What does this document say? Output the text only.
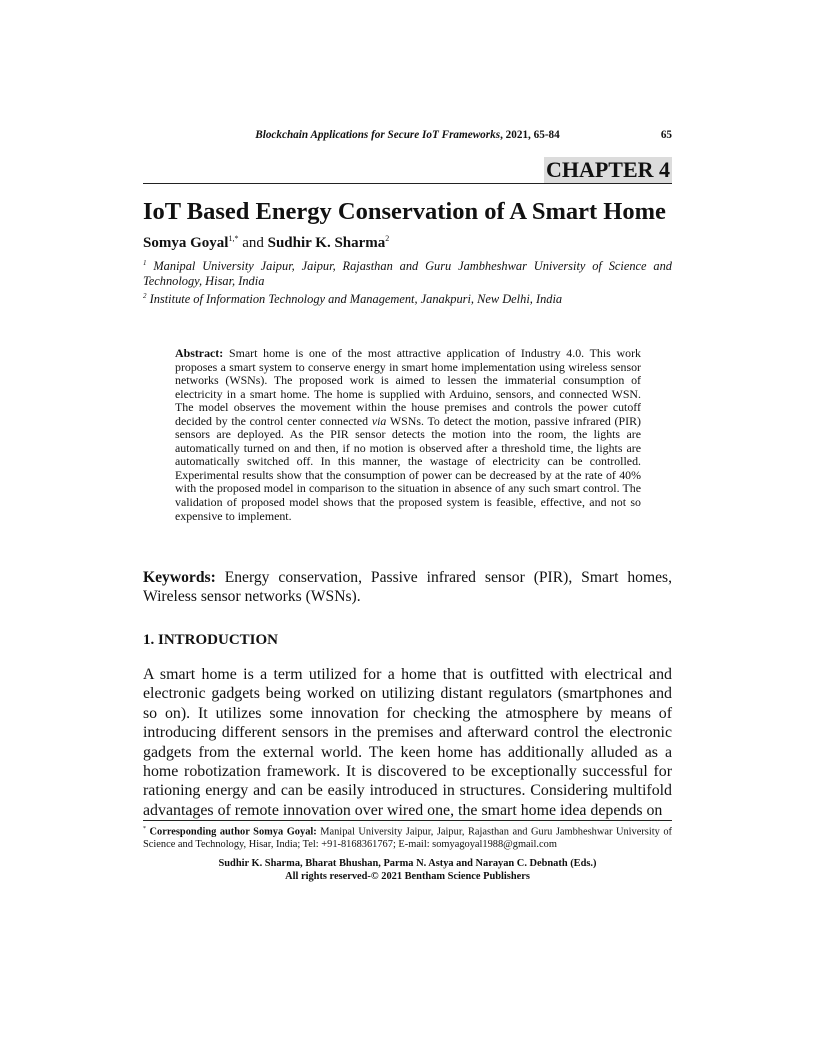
Blockchain Applications for Secure IoT Frameworks, 2021, 65-84	65
CHAPTER 4
IoT Based Energy Conservation of A Smart Home
Somya Goyal$^{1,*}$ and Sudhir K. Sharma$^2$
$^1$ Manipal University Jaipur, Jaipur, Rajasthan and Guru Jambheshwar University of Science and Technology, Hisar, India
$^2$ Institute of Information Technology and Management, Janakpuri, New Delhi, India
Abstract: Smart home is one of the most attractive application of Industry 4.0. This work proposes a smart system to conserve energy in smart home implementation using wireless sensor networks (WSNs). The proposed work is aimed to lessen the immaterial consumption of electricity in a smart home. The home is supplied with Arduino, sensors, and connected WSN. The model observes the movement within the house premises and controls the power cutoff decided by the control center connected via WSNs. To detect the motion, passive infrared (PIR) sensors are deployed. As the PIR sensor detects the motion into the room, the lights are automatically turned on and then, if no motion is observed after a threshold time, the lights are automatically switched off. In this manner, the wastage of electricity can be controlled. Experimental results show that the consumption of power can be decreased by at the rate of 40% with the proposed model in comparison to the situation in absence of any such smart control. The validation of proposed model shows that the proposed system is feasible, effective, and not so expensive to implement.
Keywords: Energy conservation, Passive infrared sensor (PIR), Smart homes, Wireless sensor networks (WSNs).
1. INTRODUCTION
A smart home is a term utilized for a home that is outfitted with electrical and electronic gadgets being worked on utilizing distant regulators (smartphones and so on). It utilizes some innovation for checking the atmosphere by means of introducing different sensors in the premises and afterward control the electronic gadgets from the external world. The keen home has additionally alluded as a home robotization framework. It is discovered to be exceptionally successful for rationing energy and can be easily introduced in structures. Considering multifold advantages of remote innovation over wired one, the smart home idea depends on
* Corresponding author Somya Goyal: Manipal University Jaipur, Jaipur, Rajasthan and Guru Jambheshwar University of Science and Technology, Hisar, India; Tel: +91-8168361767; E-mail: somyagoyal1988@gmail.com
Sudhir K. Sharma, Bharat Bhushan, Parma N. Astya and Narayan C. Debnath (Eds.)
All rights reserved-© 2021 Bentham Science Publishers
